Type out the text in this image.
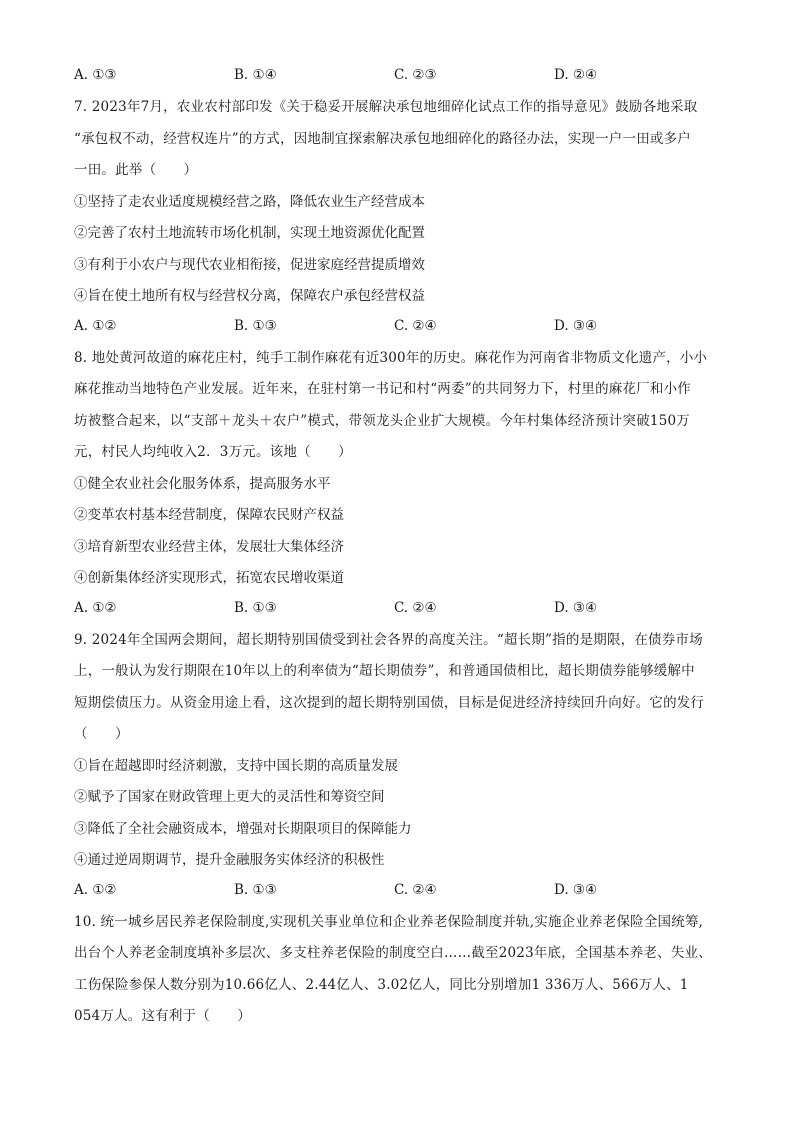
A. ①③	B. ①④	C. ②③	D. ②④

7. 2023年7月，农业农村部印发《关于稳妥开展解决承包地细碎化试点工作的指导意见》鼓励各地采取
“承包权不动，经营权连片”的方式，因地制宜探索解决承包地细碎化的路径办法，实现一户一田或多户
一田。此举（　　）

①坚持了走农业适度规模经营之路，降低农业生产经营成本
②完善了农村土地流转市场化机制，实现土地资源优化配置
③有利于小农户与现代农业相衔接，促进家庭经营提质增效
④旨在使土地所有权与经营权分离，保障农户承包经营权益
A. ①②	B. ①③	C. ②④	D. ③④

8. 地处黄河故道的麻花庄村，纯手工制作麻花有近300年的历史。麻花作为河南省非物质文化遗产，小小
麻花推动当地特色产业发展。近年来，在驻村第一书记和村“两委”的共同努力下，村里的麻花厂和小作
坊被整合起来，以“支部＋龙头＋农户”模式，带领龙头企业扩大规模。今年村集体经济预计突破150万
元，村民人均纯收入2．3万元。该地（　　）

①健全农业社会化服务体系，提高服务水平
②变革农村基本经营制度，保障农民财产权益
③培育新型农业经营主体，发展壮大集体经济
④创新集体经济实现形式，拓宽农民增收渠道
A. ①②	B. ①③	C. ②④	D. ③④

9. 2024年全国两会期间，超长期特别国债受到社会各界的高度关注。“超长期”指的是期限，在债券市场
上，一般认为发行期限在10年以上的利率债为“超长期债券”，和普通国债相比，超长期债券能够缓解中
短期偿债压力。从资金用途上看，这次提到的超长期特别国债，目标是促进经济持续回升向好。它的发行
（　　）

①旨在超越即时经济刺激，支持中国长期的高质量发展
②赋予了国家在财政管理上更大的灵活性和筹资空间
③降低了全社会融资成本，增强对长期限项目的保障能力
④通过逆周期调节，提升金融服务实体经济的积极性
A. ①②	B. ①③	C. ②④	D. ③④

10. 统一城乡居民养老保险制度,实现机关事业单位和企业养老保险制度并轨,实施企业养老保险全国统筹,
出台个人养老金制度填补多层次、多支柱养老保险的制度空白……截至2023年底，全国基本养老、失业、
工伤保险参保人数分别为10.66亿人、2.44亿人、3.02亿人，同比分别增加1 336万人、566万人、1
054万人。这有利于（　　）
